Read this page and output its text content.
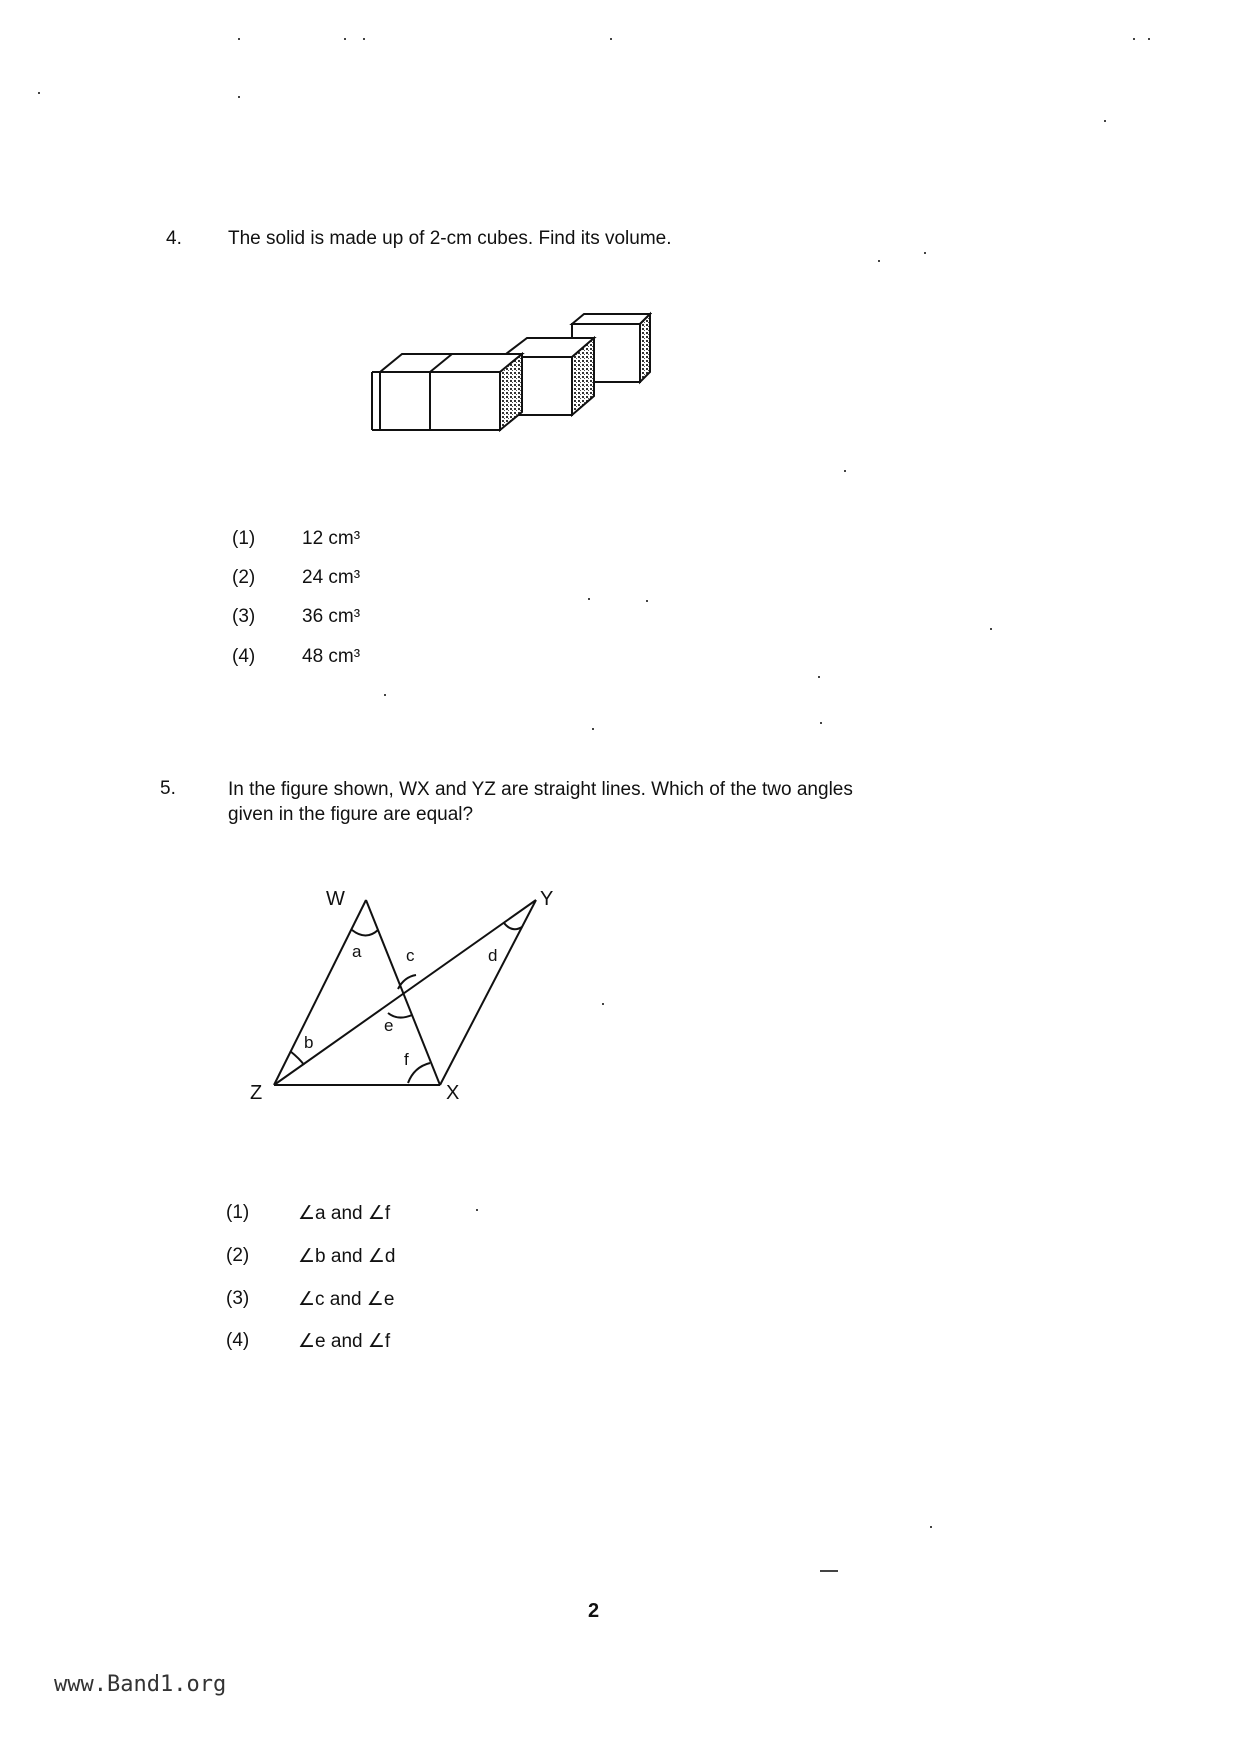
4. The solid is made up of 2-cm cubes. Find its volume.
(1) 12 cm³
(2) 24 cm³
(3) 36 cm³
(4) 48 cm³
5.	In the figure shown, WX and YZ are straight lines. Which of the two angles
given in the figure are equal?
W	Y
Z	X
a
b
c	d
e
f
(1)	∠a and ∠f
(2)	∠b and ∠d
(3)	∠c and ∠e
(4)	∠e and ∠f
2
www.Band1.org
